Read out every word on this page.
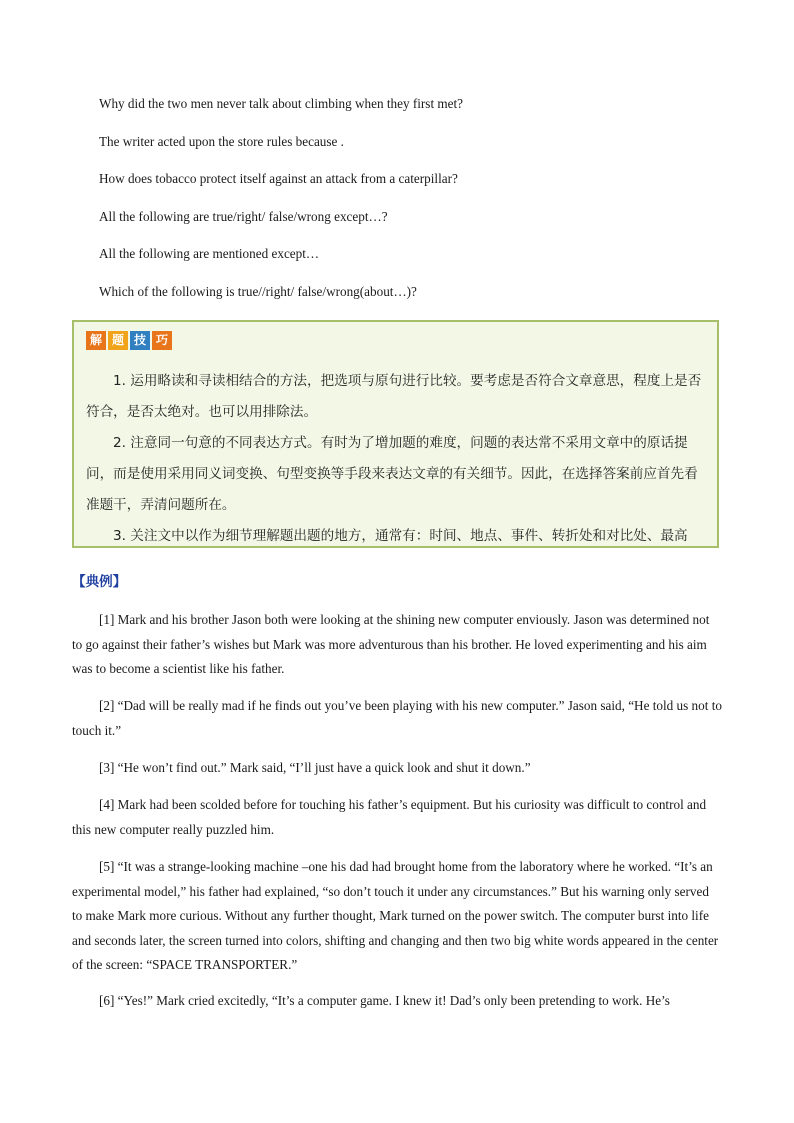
Why did the two men never talk about climbing when they first met?
The writer acted upon the store rules because .
How does tobacco protect itself against an attack from a caterpillar?
All the following are true/right/ false/wrong except…?
All the following are mentioned except…
Which of the following is true//right/ false/wrong(about…)?
解 题 技 巧
1. 运用略读和寻读相结合的方法，把选项与原句进行比较。要考虑是否符合文章意思，程度上是否符合，是否太绝对。也可以用排除法。
2. 注意同一句意的不同表达方式。有时为了增加题的难度，问题的表达常不采用文章中的原话提问，而是使用采用同义词变换、句型变换等手段来表达文章的有关细节。因此，在选择答案前应首先看准题干，弄清问题所在。
3. 关注文中以作为细节理解题出题的地方，通常有：时间、地点、事件、转折处和对比处、最高
【典例】
[1] Mark and his brother Jason both were looking at the shining new computer enviously. Jason was determined not to go against their father’s wishes but Mark was more adventurous than his brother. He loved experimenting and his aim was to become a scientist like his father.
[2] “Dad will be really mad if he finds out you’ve been playing with his new computer.” Jason said, “He told us not to touch it.”
[3] “He won’t find out.” Mark said, “I’ll just have a quick look and shut it down.”
[4] Mark had been scolded before for touching his father’s equipment. But his curiosity was difficult to control and this new computer really puzzled him.
[5] “It was a strange-looking machine –one his dad had brought home from the laboratory where he worked. “It’s an experimental model,” his father had explained, “so don’t touch it under any circumstances.” But his warning only served to make Mark more curious. Without any further thought, Mark turned on the power switch. The computer burst into life and seconds later, the screen turned into colors, shifting and changing and then two big white words appeared in the center of the screen: “SPACE TRANSPORTER.”
[6] “Yes!” Mark cried excitedly, “It’s a computer game. I knew it! Dad’s only been pretending to work. He’s
